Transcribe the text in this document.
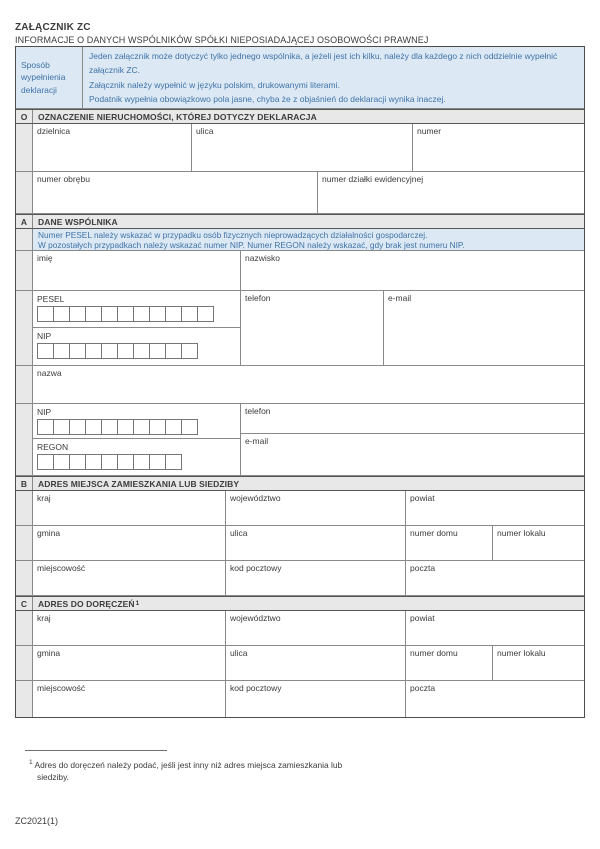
ZAŁĄCZNIK ZC
INFORMACJE O DANYCH WSPÓLNIKÓW SPÓŁKI NIEPOSIADAJĄCEJ OSOBOWOŚCI PRAWNEJ
Sposób wypełnienia deklaracji
Jeden załącznik może dotyczyć tylko jednego wspólnika, a jeżeli jest ich kilku, należy dla każdego z nich oddzielnie wypełnić załącznik ZC.
Załącznik należy wypełnić w języku polskim, drukowanymi literami.
Podatnik wypełnia obowiązkowo pola jasne, chyba że z objaśnień do deklaracji wynika inaczej.
O	OZNACZENIE NIERUCHOMOŚCI, KTÓREJ DOTYCZY DEKLARACJA
dzielnica	ulica	numer
numer obrębu	numer działki ewidencyjnej
A	DANE WSPÓLNIKA
Numer PESEL należy wskazać w przypadku osób fizycznych nieprowadzących działalności gospodarczej.
W pozostałych przypadkach należy wskazać numer NIP. Numer REGON należy wskazać, gdy brak jest numeru NIP.
imię	nazwisko
PESEL
NIP
telefon	e-mail
nazwa
NIP
REGON
telefon
e-mail
B	ADRES MIEJSCA ZAMIESZKANIA LUB SIEDZIBY
kraj	województwo	powiat
gmina	ulica	numer domu	numer lokalu
miejscowość	kod pocztowy	poczta
C	ADRES DO DORĘCZEŃ 1
kraj	województwo	powiat
gmina	ulica	numer domu	numer lokalu
miejscowość	kod pocztowy	poczta
$^1$ Adres do doręczeń należy podać, jeśli jest inny niż adres miejsca zamieszkania lub siedziby.
ZC2021(1)
